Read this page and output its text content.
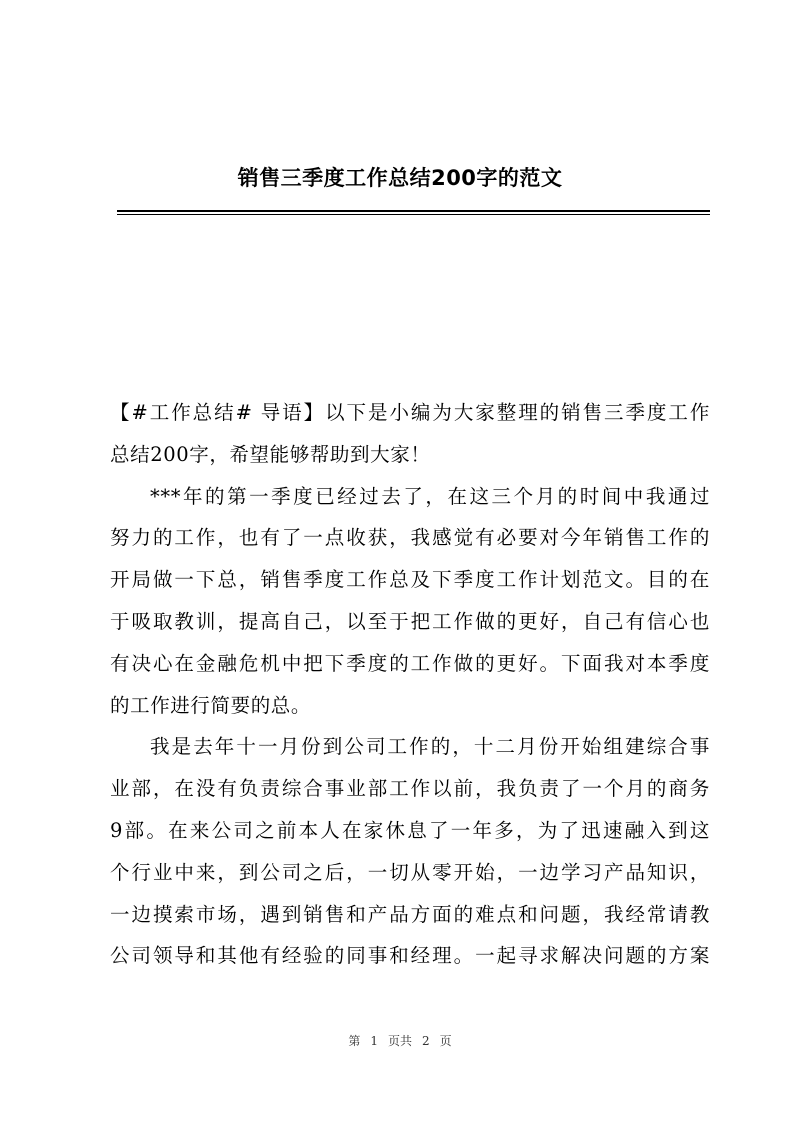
销售三季度工作总结200字的范文
【#工作总结# 导语】以下是小编为大家整理的销售三季度工作
总结200字，希望能够帮助到大家！
***年的第一季度已经过去了，在这三个月的时间中我通过
努力的工作，也有了一点收获，我感觉有必要对今年销售工作的
开局做一下总，销售季度工作总及下季度工作计划范文。目的在
于吸取教训，提高自己，以至于把工作做的更好，自己有信心也
有决心在金融危机中把下季度的工作做的更好。下面我对本季度
的工作进行简要的总。
我是去年十一月份到公司工作的，十二月份开始组建综合事
业部，在没有负责综合事业部工作以前，我负责了一个月的商务
9部。在来公司之前本人在家休息了一年多，为了迅速融入到这
个行业中来，到公司之后，一切从零开始，一边学习产品知识，
一边摸索市场，遇到销售和产品方面的难点和问题，我经常请教
公司领导和其他有经验的同事和经理。一起寻求解决问题的方案
第 1 页共 2 页
